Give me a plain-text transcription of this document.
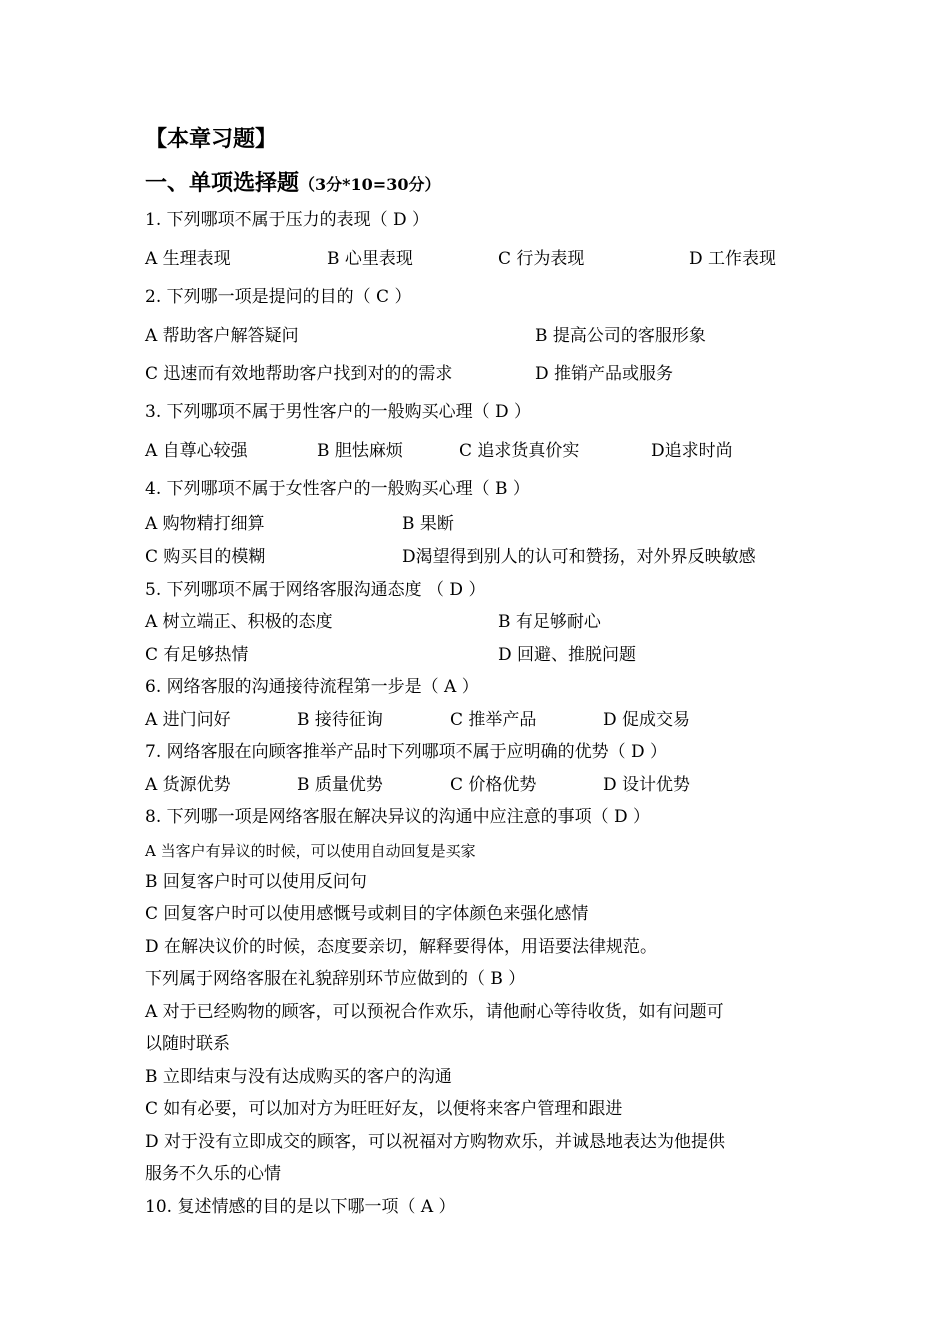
【本章习题】
一、单项选择题（3分*10=30分）
1. 下列哪项不属于压力的表现（ D ）
A 生理表现	B 心里表现	C 行为表现	D 工作表现
2. 下列哪一项是提问的目的（ C ）
A 帮助客户解答疑问	B 提高公司的客服形象
C 迅速而有效地帮助客户找到对的的需求	D 推销产品或服务
3. 下列哪项不属于男性客户的一般购买心理（ D ）
A 自尊心较强	B 胆怯麻烦	C 追求货真价实	D追求时尚
4. 下列哪项不属于女性客户的一般购买心理（ B ）
A 购物精打细算	B 果断
C 购买目的模糊	D渴望得到别人的认可和赞扬，对外界反映敏感
5. 下列哪项不属于网络客服沟通态度 （ D ）
A 树立端正、积极的态度	B 有足够耐心
C 有足够热情	D 回避、推脱问题
6. 网络客服的沟通接待流程第一步是（ A ）
A 进门问好	B 接待征询	C 推举产品	D 促成交易
7. 网络客服在向顾客推举产品时下列哪项不属于应明确的优势（ D ）
A 货源优势	B 质量优势	C 价格优势	D 设计优势
8. 下列哪一项是网络客服在解决异议的沟通中应注意的事项（ D ）
A 当客户有异议的时候，可以使用自动回复是买家
B 回复客户时可以使用反问句
C 回复客户时可以使用感慨号或刺目的字体颜色来强化感情
D 在解决议价的时候，态度要亲切，解释要得体，用语要法律规范。
下列属于网络客服在礼貌辞别环节应做到的（ B ）
A 对于已经购物的顾客，可以预祝合作欢乐，请他耐心等待收货，如有问题可
以随时联系
B 立即结束与没有达成购买的客户的沟通
C 如有必要，可以加对方为旺旺好友，以便将来客户管理和跟进
D 对于没有立即成交的顾客，可以祝福对方购物欢乐，并诚恳地表达为他提供
服务不久乐的心情
10. 复述情感的目的是以下哪一项（ A ）
